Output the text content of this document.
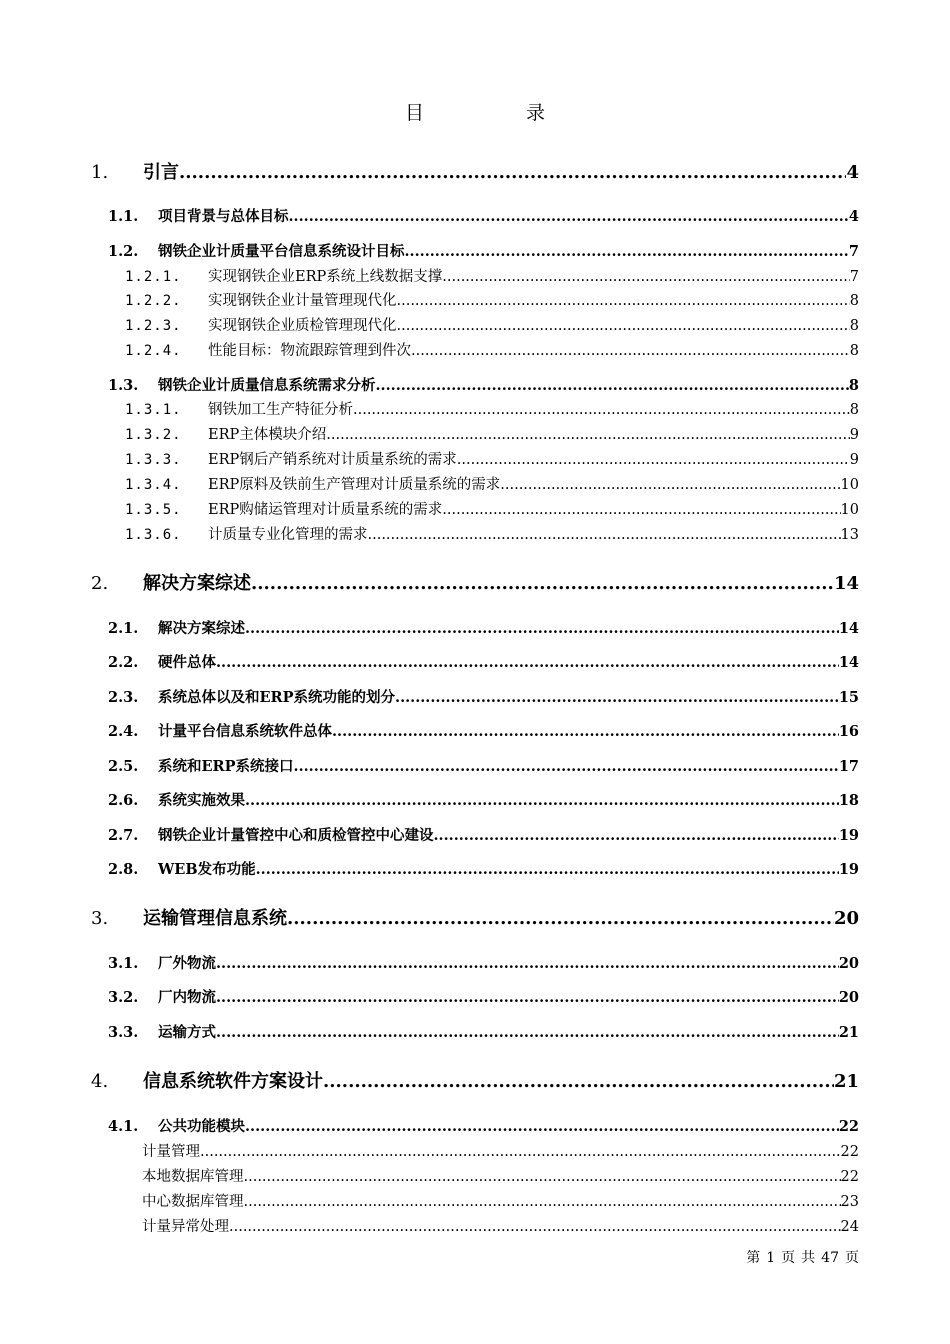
目	录
1.	引言 .....	4
1.1.	项目背景与总体目标 .....	4
1.2.	钢铁企业计质量平台信息系统设计目标 .....	7
1.2.1.	实现钢铁企业ERP系统上线数据支撑 .....	7
1.2.2.	实现钢铁企业计量管理现代化 .....	8
1.2.3.	实现钢铁企业质检管理现代化 .....	8
1.2.4.	性能目标：物流跟踪管理到件次 .....	8
1.3.	钢铁企业计质量信息系统需求分析 .....	8
1.3.1.	钢铁加工生产特征分析 .....	8
1.3.2.	ERP主体模块介绍 .....	9
1.3.3.	ERP钢后产销系统对计质量系统的需求 .....	9
1.3.4.	ERP原料及铁前生产管理对计质量系统的需求 .....	10
1.3.5.	ERP购储运管理对计质量系统的需求 .....	10
1.3.6.	计质量专业化管理的需求 .....	13
2.	解决方案综述 .....	14
2.1.	解决方案综述 .....	14
2.2.	硬件总体 .....	14
2.3.	系统总体以及和ERP系统功能的划分 .....	15
2.4.	计量平台信息系统软件总体 .....	16
2.5.	系统和ERP系统接口 .....	17
2.6.	系统实施效果 .....	18
2.7.	钢铁企业计量管控中心和质检管控中心建设 .....	19
2.8.	WEB发布功能 .....	19
3.	运输管理信息系统 .....	20
3.1.	厂外物流 .....	20
3.2.	厂内物流 .....	20
3.3.	运输方式 .....	21
4.	信息系统软件方案设计 .....	21
4.1.	公共功能模块 .....	22
计量管理 .....	22
本地数据库管理 .....	22
中心数据库管理 .....	23
计量异常处理 .....	24
第 1 页 共 47 页
